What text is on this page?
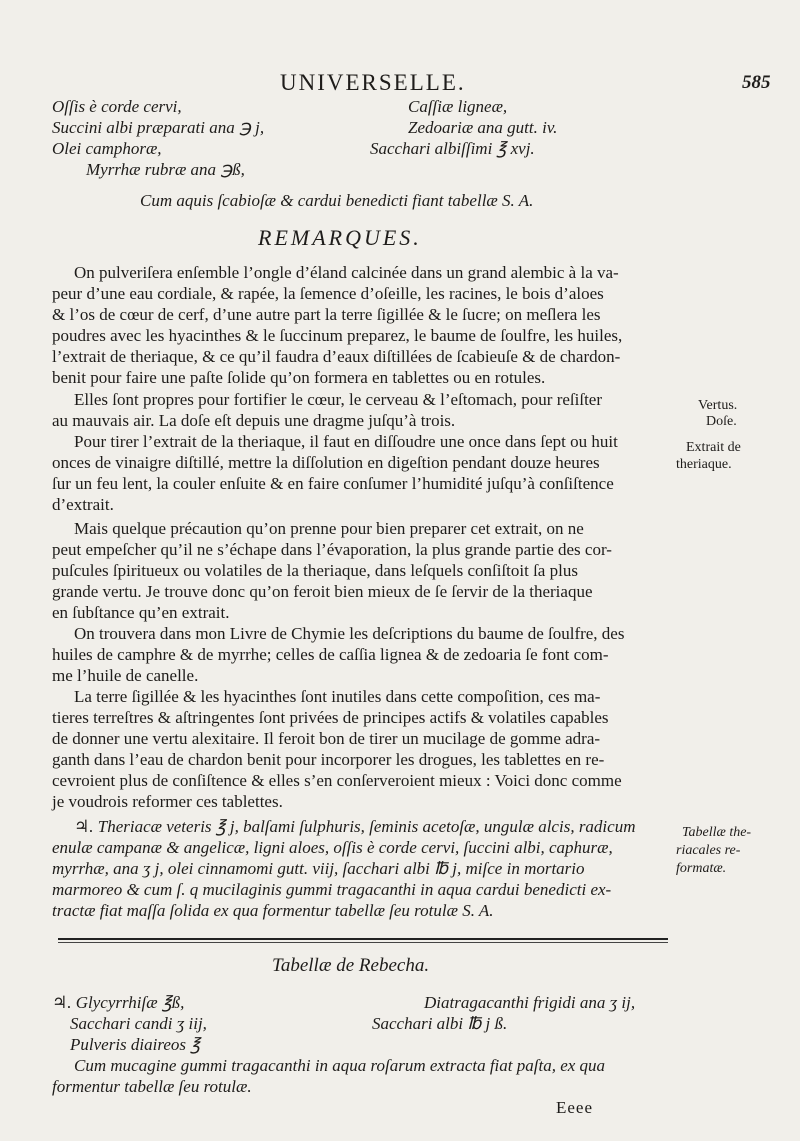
UNIVERSELLE.	585
Oſſis è corde cervi,
Succini albi præparati ana ℈ j,
Olei camphoræ,
Myrrhæ rubræ ana ℈ß,
Caſſiæ ligneæ,
Zedoariæ ana gutt. iv.
Sacchari albiſſimi ℥ xvj.
Cum aquis ſcabioſæ & cardui benedicti fiant tabellæ S. A.
REMARQUES.
On pulveriſera enſemble l’ongle d’éland calcinée dans un grand alembic à la va-
peur d’une eau cordiale, & rapée, la ſemence d’oſeille, les racines, le bois d’aloes
& l’os de cœur de cerf, d’une autre part la terre ſigillée & le ſucre; on meſlera les
poudres avec les hyacinthes & le ſuccinum preparez, le baume de ſoulfre, les huiles,
l’extrait de theriaque, & ce qu’il faudra d’eaux diſtillées de ſcabieuſe & de chardon-
benit pour faire une paſte ſolide qu’on formera en tablettes ou en rotules.
Elles ſont propres pour fortifier le cœur, le cerveau & l’eſtomach, pour reſiſter
au mauvais air. La doſe eſt depuis une dragme juſqu’à trois.
Pour tirer l’extrait de la theriaque, il faut en diſſoudre une once dans ſept ou huit
onces de vinaigre diſtillé, mettre la diſſolution en digeſtion pendant douze heures
ſur un feu lent, la couler enſuite & en faire conſumer l’humidité juſqu’à conſiſtence
d’extrait.
Mais quelque précaution qu’on prenne pour bien preparer cet extrait, on ne
peut empeſcher qu’il ne s’échape dans l’évaporation, la plus grande partie des cor-
puſcules ſpiritueux ou volatiles de la theriaque, dans leſquels conſiſtoit ſa plus
grande vertu. Je trouve donc qu’on feroit bien mieux de ſe ſervir de la theriaque
en ſubſtance qu’en extrait.
On trouvera dans mon Livre de Chymie les deſcriptions du baume de ſoulfre, des
huiles de camphre & de myrrhe; celles de caſſia lignea & de zedoaria ſe font com-
me l’huile de canelle.
La terre ſigillée & les hyacinthes ſont inutiles dans cette compoſition, ces ma-
tieres terreſtres & aſtringentes ſont privées de principes actifs & volatiles capables
de donner une vertu alexitaire. Il feroit bon de tirer un mucilage de gomme adra-
ganth dans l’eau de chardon benit pour incorporer les drogues, les tablettes en re-
cevroient plus de conſiſtence & elles s’en conſerveroient mieux : Voici donc comme
je voudrois reformer ces tablettes.
♃. Theriacæ veteris ℥ j, balſami ſulphuris, ſeminis acetoſæ, ungulæ alcis, radicum
enulæ campanæ & angelicæ, ligni aloes, oſſis è corde cervi, ſuccini albi, caphuræ,
myrrhæ, ana ʒ j, olei cinnamomi gutt. viij, ſacchari albi ℔ j, miſce in mortario
marmoreo & cum ſ. q mucilaginis gummi tragacanthi in aqua cardui benedicti ex-
tractæ fiat maſſa ſolida ex qua formentur tabellæ ſeu rotulæ S. A.
Vertus.
Doſe.
Extrait de
theriaque.
Tabellæ the-
riacales re-
formatæ.
Tabellæ de Rebecha.
♃. Glycyrrhiſæ ℥ß,
Sacchari candi ʒ iij,
Pulveris diaireos ℥
Diatragacanthi frigidi ana ʒ ij,
Sacchari albi ℔ j ß.
Cum mucagine gummi tragacanthi in aqua roſarum extracta fiat paſta, ex qua
formentur tabellæ ſeu rotulæ.
Eeee
